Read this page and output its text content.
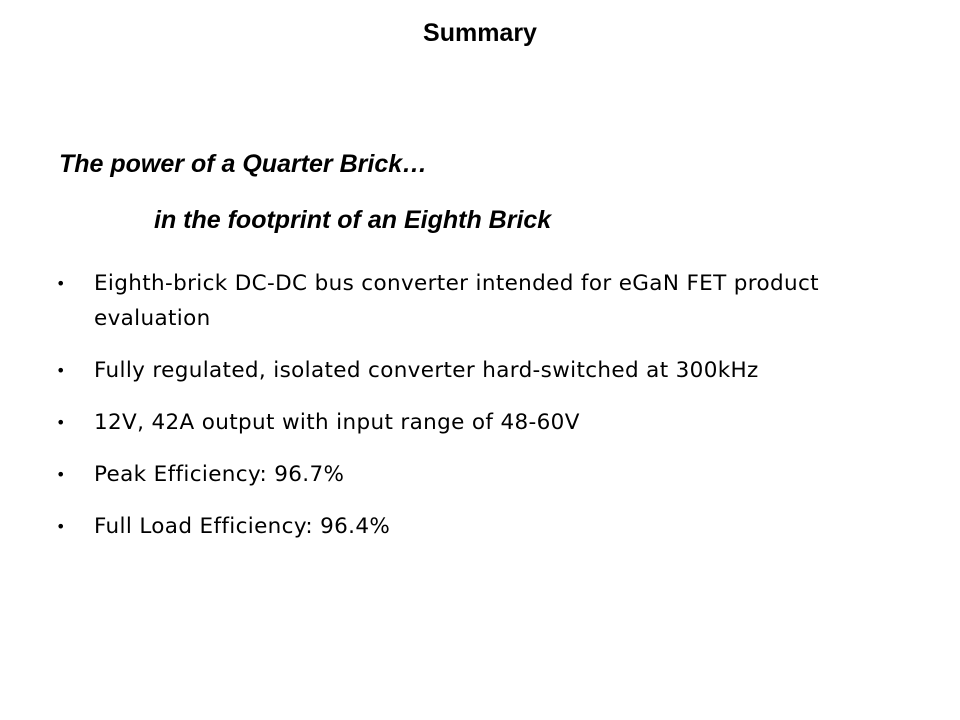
Summary
The power of a Quarter Brick…
in the footprint of an Eighth Brick
• Eighth-brick DC-DC bus converter intended for eGaN FET product evaluation
• Fully regulated, isolated converter hard-switched at 300kHz
• 12V, 42A output with input range of 48-60V
• Peak Efficiency: 96.7%
• Full Load Efficiency: 96.4%
